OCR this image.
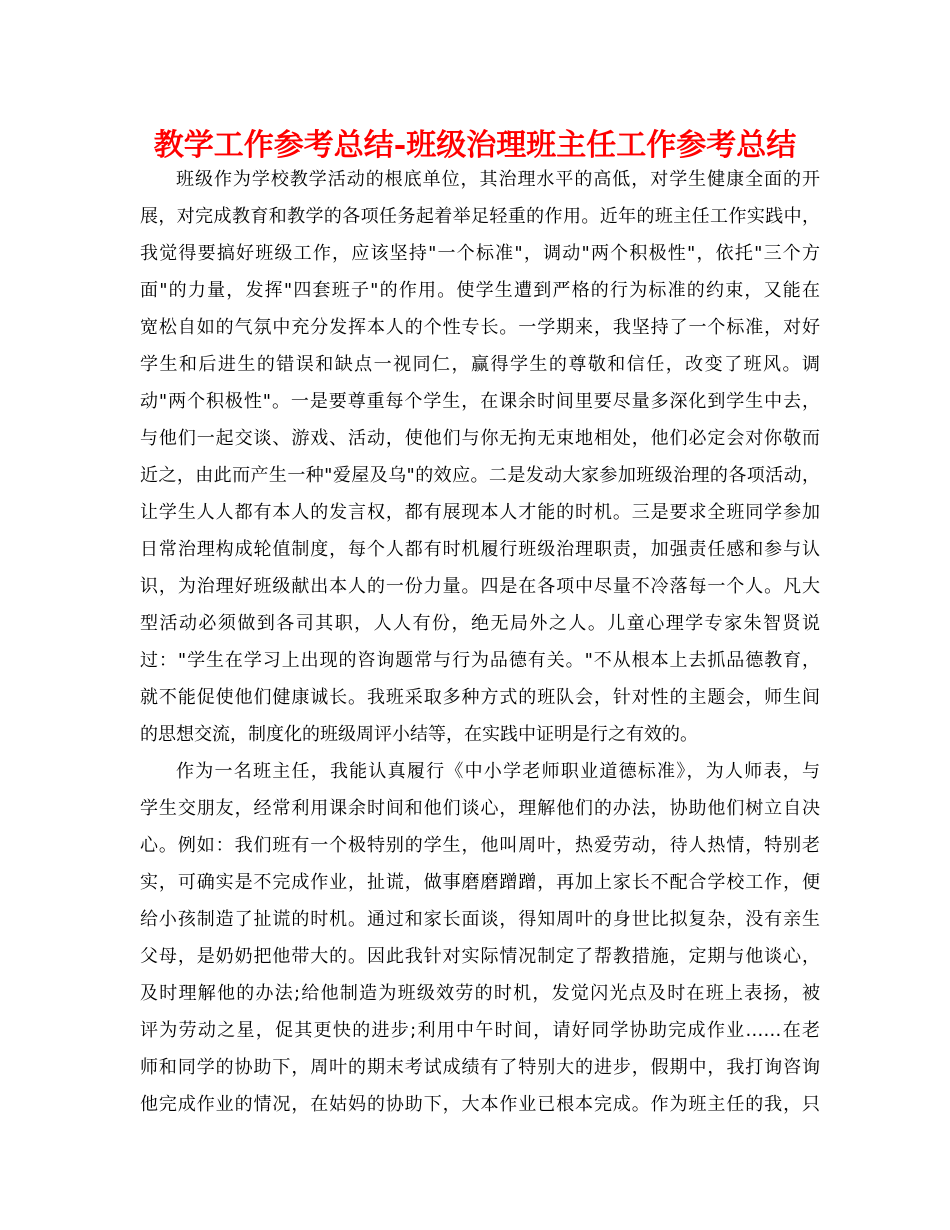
教学工作参考总结-班级治理班主任工作参考总结
班级作为学校教学活动的根底单位，其治理水平的高低，对学生健康全面的开
展，对完成教育和教学的各项任务起着举足轻重的作用。近年的班主任工作实践中，
我觉得要搞好班级工作，应该坚持"一个标准"，调动"两个积极性"，依托"三个方
面"的力量，发挥"四套班子"的作用。使学生遭到严格的行为标准的约束，又能在
宽松自如的气氛中充分发挥本人的个性专长。一学期来，我坚持了一个标准，对好
学生和后进生的错误和缺点一视同仁，赢得学生的尊敬和信任，改变了班风。调
动"两个积极性"。一是要尊重每个学生，在课余时间里要尽量多深化到学生中去，
与他们一起交谈、游戏、活动，使他们与你无拘无束地相处，他们必定会对你敬而
近之，由此而产生一种"爱屋及乌"的效应。二是发动大家参加班级治理的各项活动，
让学生人人都有本人的发言权，都有展现本人才能的时机。三是要求全班同学参加
日常治理构成轮值制度，每个人都有时机履行班级治理职责，加强责任感和参与认
识，为治理好班级献出本人的一份力量。四是在各项中尽量不冷落每一个人。凡大
型活动必须做到各司其职，人人有份，绝无局外之人。儿童心理学专家朱智贤说
过："学生在学习上出现的咨询题常与行为品德有关。"不从根本上去抓品德教育，
就不能促使他们健康诚长。我班采取多种方式的班队会，针对性的主题会，师生间
的思想交流，制度化的班级周评小结等，在实践中证明是行之有效的。
作为一名班主任，我能认真履行《中小学老师职业道德标准》，为人师表，与
学生交朋友，经常利用课余时间和他们谈心，理解他们的办法，协助他们树立自决
心。例如：我们班有一个极特别的学生，他叫周叶，热爱劳动，待人热情，特别老
实，可确实是不完成作业，扯谎，做事磨磨蹭蹭，再加上家长不配合学校工作，便
给小孩制造了扯谎的时机。通过和家长面谈，得知周叶的身世比拟复杂，没有亲生
父母，是奶奶把他带大的。因此我针对实际情况制定了帮教措施，定期与他谈心，
及时理解他的办法;给他制造为班级效劳的时机，发觉闪光点及时在班上表扬，被
评为劳动之星，促其更快的进步;利用中午时间，请好同学协助完成作业……在老
师和同学的协助下，周叶的期末考试成绩有了特别大的进步，假期中，我打询咨询
他完成作业的情况，在姑妈的协助下，大本作业已根本完成。作为班主任的我，只
